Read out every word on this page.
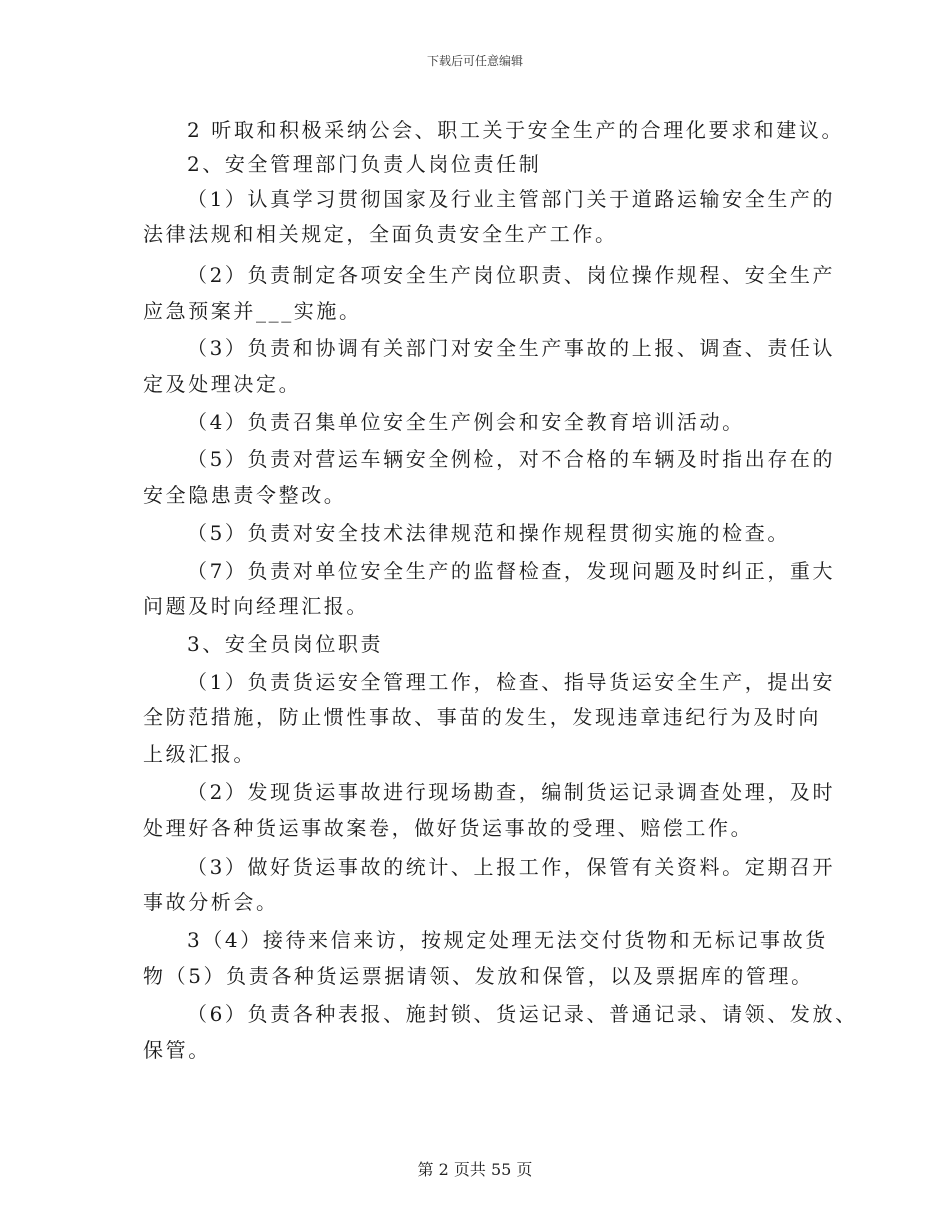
下载后可任意编辑
2 听取和积极采纳公会、职工关于安全生产的合理化要求和建议。
2、安全管理部门负责人岗位责任制
（1）认真学习贯彻国家及行业主管部门关于道路运输安全生产的
法律法规和相关规定，全面负责安全生产工作。
（2）负责制定各项安全生产岗位职责、岗位操作规程、安全生产
应急预案并___实施。
（3）负责和协调有关部门对安全生产事故的上报、调查、责任认
定及处理决定。
（4）负责召集单位安全生产例会和安全教育培训活动。
（5）负责对营运车辆安全例检，对不合格的车辆及时指出存在的
安全隐患责令整改。
（5）负责对安全技术法律规范和操作规程贯彻实施的检查。
（7）负责对单位安全生产的监督检查，发现问题及时纠正，重大
问题及时向经理汇报。
3、安全员岗位职责
（1）负责货运安全管理工作，检查、指导货运安全生产，提出安
全防范措施，防止惯性事故、事苗的发生，发现违章违纪行为及时向
上级汇报。
（2）发现货运事故进行现场勘查，编制货运记录调查处理，及时
处理好各种货运事故案卷，做好货运事故的受理、赔偿工作。
（3）做好货运事故的统计、上报工作，保管有关资料。定期召开
事故分析会。
3（4）接待来信来访，按规定处理无法交付货物和无标记事故货
物（5）负责各种货运票据请领、发放和保管，以及票据库的管理。
（6）负责各种表报、施封锁、货运记录、普通记录、请领、发放、
保管。
第 2 页共 55 页
